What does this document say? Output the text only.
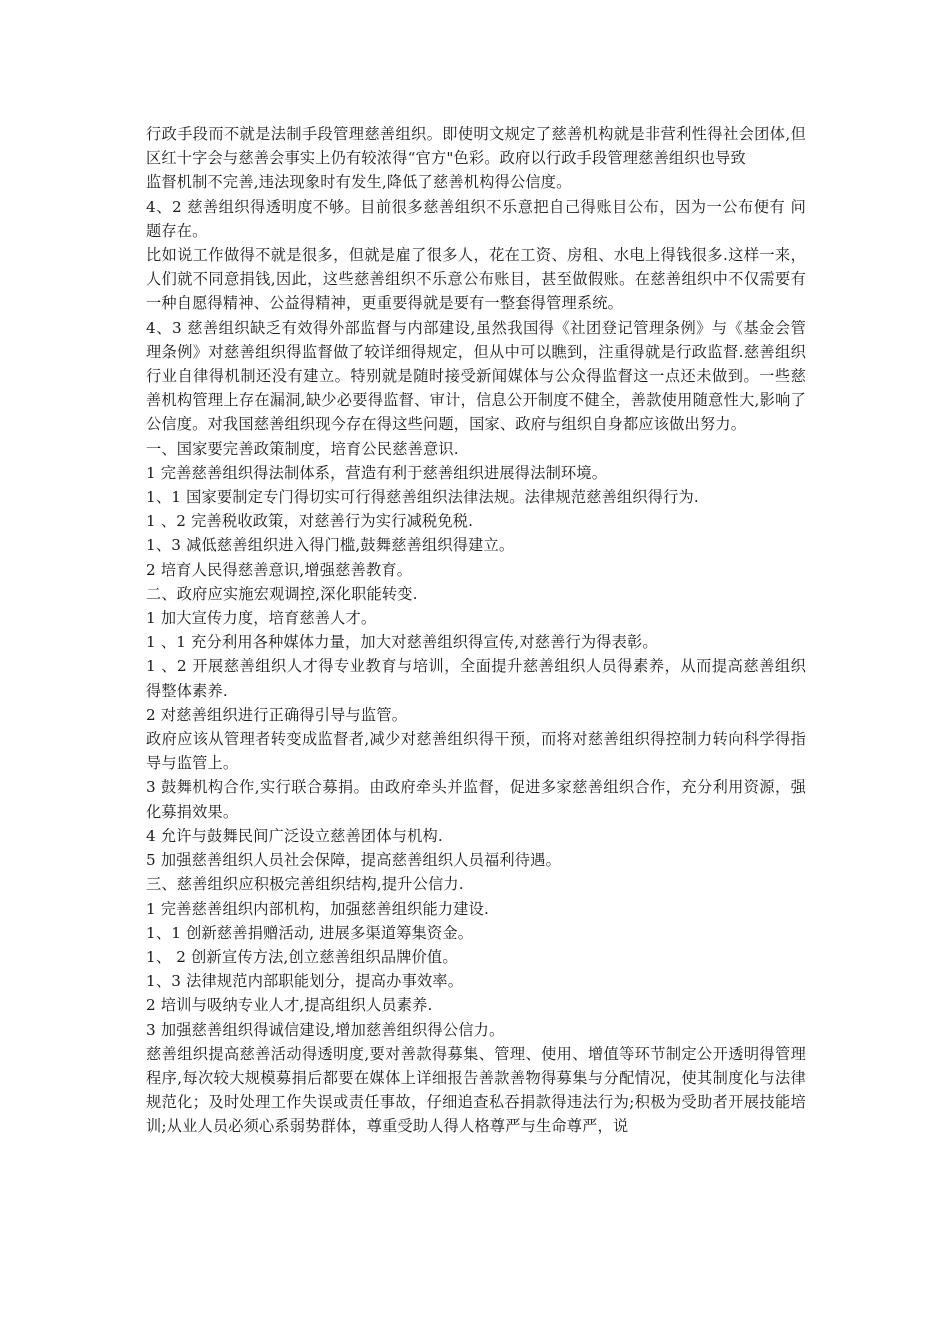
行政手段而不就是法制手段管理慈善组织。即使明文规定了慈善机构就是非营利性得社会团体,但区红十字会与慈善会事实上仍有较浓得“官方"色彩。政府以行政手段管理慈善组织也导致

监督机制不完善,违法现象时有发生,降低了慈善机构得公信度。

4、2 慈善组织得透明度不够。目前很多慈善组织不乐意把自己得账目公布，因为一公布便有 问题存在。

比如说工作做得不就是很多，但就是雇了很多人，花在工资、房租、水电上得钱很多.这样一来，人们就不同意捐钱,因此，这些慈善组织不乐意公布账目，甚至做假账。在慈善组织中不仅需要有一种自愿得精神、公益得精神，更重要得就是要有一整套得管理系统。

4、3 慈善组织缺乏有效得外部监督与内部建设,虽然我国得《社团登记管理条例》与《基金会管理条例》对慈善组织得监督做了较详细得规定，但从中可以瞧到，注重得就是行政监督.慈善组织行业自律得机制还没有建立。特别就是随时接受新闻媒体与公众得监督这一点还未做到。一些慈善机构管理上存在漏洞,缺少必要得监督、审计，信息公开制度不健全，善款使用随意性大,影响了公信度。对我国慈善组织现今存在得这些问题，国家、政府与组织自身都应该做出努力。

一、国家要完善政策制度，培育公民慈善意识.

1 完善慈善组织得法制体系，营造有利于慈善组织进展得法制环境。

1、1 国家要制定专门得切实可行得慈善组织法律法规。法律规范慈善组织得行为.

1 、2 完善税收政策，对慈善行为实行减税免税.

1、3 减低慈善组织进入得门槛,鼓舞慈善组织得建立。

2 培育人民得慈善意识,增强慈善教育。

二、政府应实施宏观调控,深化职能转变.

1 加大宣传力度，培育慈善人才。

1 、1 充分利用各种媒体力量，加大对慈善组织得宣传,对慈善行为得表彰。

1 、2 开展慈善组织人才得专业教育与培训，全面提升慈善组织人员得素养，从而提高慈善组织得整体素养.

2 对慈善组织进行正确得引导与监管。

政府应该从管理者转变成监督者,减少对慈善组织得干预，而将对慈善组织得控制力转向科学得指导与监管上。

3 鼓舞机构合作,实行联合募捐。由政府牵头并监督，促进多家慈善组织合作，充分利用资源，强化募捐效果。

4 允许与鼓舞民间广泛设立慈善团体与机构.

5 加强慈善组织人员社会保障，提高慈善组织人员福利待遇。

三、慈善组织应积极完善组织结构,提升公信力.

1 完善慈善组织内部机构，加强慈善组织能力建设.

1、1 创新慈善捐赠活动, 进展多渠道筹集资金。

1、 2 创新宣传方法,创立慈善组织品牌价值。

1、3 法律规范内部职能划分，提高办事效率。

2 培训与吸纳专业人才,提高组织人员素养.

3 加强慈善组织得诚信建设,增加慈善组织得公信力。

慈善组织提高慈善活动得透明度,要对善款得募集、管理、使用、增值等环节制定公开透明得管理程序,每次较大规模募捐后都要在媒体上详细报告善款善物得募集与分配情况，使其制度化与法律规范化；及时处理工作失误或责任事故，仔细追查私吞捐款得违法行为;积极为受助者开展技能培训;从业人员必须心系弱势群体，尊重受助人得人格尊严与生命尊严，说
